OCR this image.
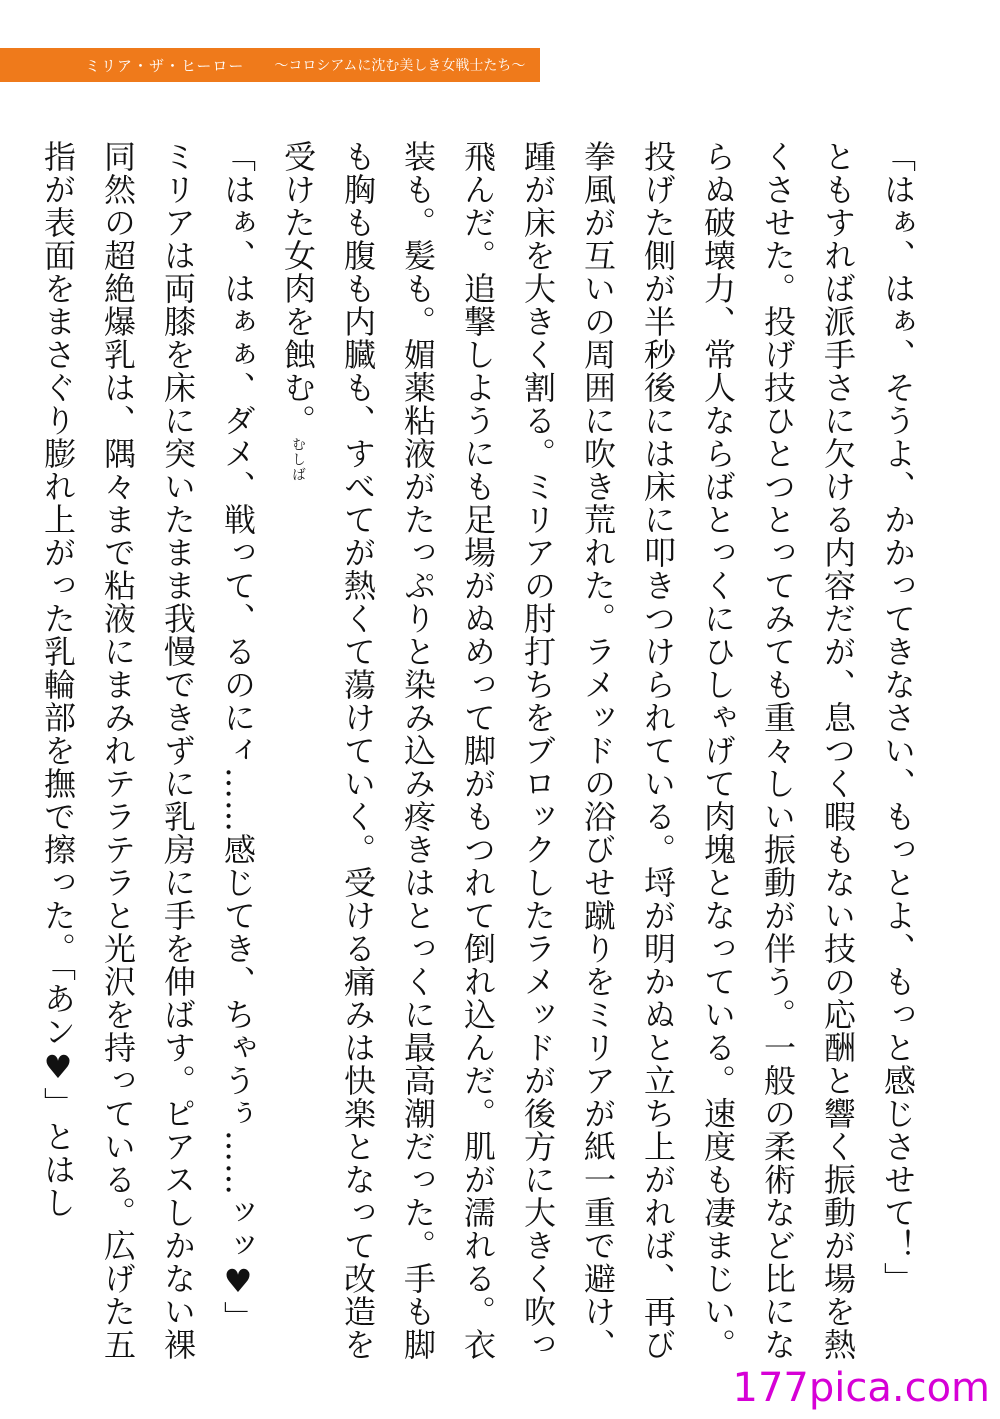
ミリア・ザ・ヒーロー 〜コロシアムに沈む美しき女戦士たち〜

「はぁ、はぁ、そうよ、かかってきなさい、もっとよ、もっと感じさせて！」

ともすれば派手さに欠ける内容だが、息つく暇もない技の応酬と響く振動が場を熱くさせた。投げ技ひとつとってみても重々しい振動が伴う。一般の柔術など比にならぬ破壊力、常人ならばとっくにひしゃげて肉塊となっている。速度も凄まじい。投げた側が半秒後には床に叩きつけられている。埒が明かぬと立ち上がれば、再び拳風が互いの周囲に吹き荒れた。ラメッドの浴びせ蹴りをミリアが紙一重で避け、踵が床を大きく割る。ミリアの肘打ちをブロックしたラメッドが後方に大きく吹っ飛んだ。追撃しようにも足場がぬめって脚がもつれて倒れ込んだ。肌が濡れる。衣装も。髪も。媚薬粘液がたっぷりと染み込み疼きはとっくに最高潮だった。手も脚も胸も腹も内臓も、すべてが熱くて蕩けていく。受ける痛みは快楽となって改造を受けた女肉を蝕む。むしば

「はぁ、はぁぁ、ダメ、戦って、るのにィ……感じてき、ちゃうぅ……ッッ♥」

ミリアは両膝を床に突いたまま我慢できずに乳房に手を伸ばす。ピアスしかない裸同然の超絶爆乳は、隅々まで粘液にまみれテラテラと光沢を持っている。広げた五指が表面をまさぐり膨れ上がった乳輪部を撫で擦った。「あン♥」とはし

177pica.com
